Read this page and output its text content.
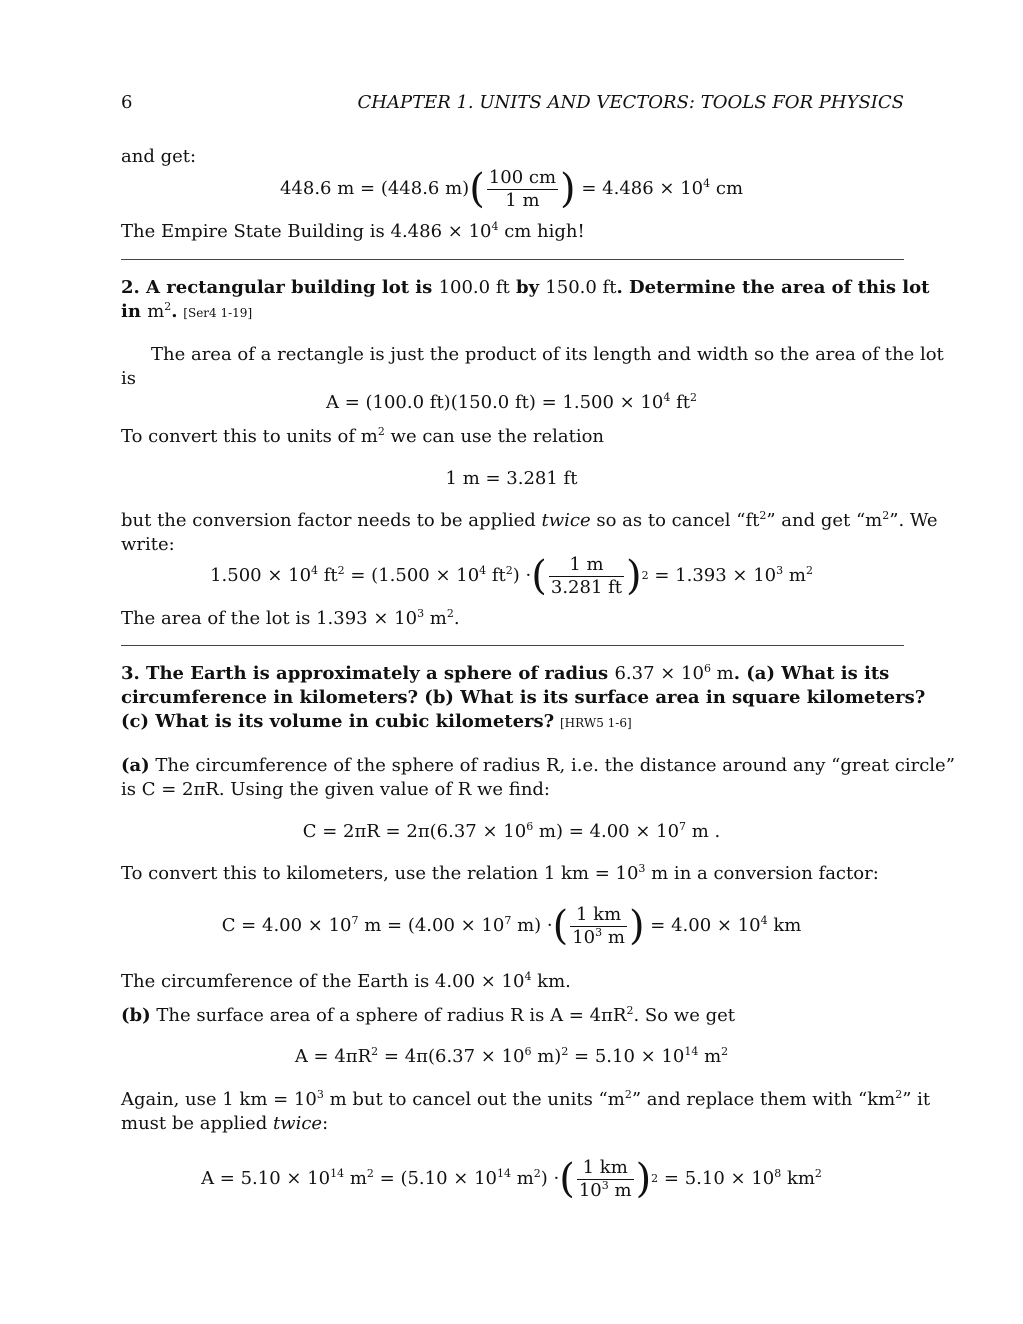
6	CHAPTER 1. UNITS AND VECTORS: TOOLS FOR PHYSICS
and get:
448.6 m = (448.6 m) ( $\frac{100 cm}{1 m}$ ) = $4.486 \times 10^4$ cm
The Empire State Building is $4.486 \times 10^4$ cm high!
2. A rectangular building lot is 100.0 ft by 150.0 ft. Determine the area of this lot
in $m^2$. [Ser4 1-19]
The area of a rectangle is just the product of its length and width so the area of the lot
is
A = (100.0 ft)(150.0 $ft) = 1.500 \times 10^4$ $ft^2$
To convert this to units of $m^2$ we can use the relation
1 m = 3.281 ft
but the conversion factor needs to be applied twice so as to cancel “$ft^2$” and get “$m^2$”. We
write:
$1.500 \times 10^4$ $ft^2 = (1.500 \times 10^4$ $ft^2$) · ( $\frac{1 m}{3.281 ft}$ ) $2 = 1.393 \times 10^3$ $m^2$
The area of the lot is $1.393 \times 10^3$ $m^2$.
3. The Earth is approximately a sphere of radius $6.37 \times 10^6$ m. (a) What is its
circumference in kilometers? (b) What is its surface area in square kilometers?
(c) What is its volume in cubic kilometers? [HRW5 1-6]
(a) The circumference of the sphere of radius R, i.e. the distance around any “great circle”
is C = 2πR. Using the given value of R we find:
$C = 2\pi R = 2\pi(6.37 \times 10^6$ $m) = 4.00 \times 10^7$ m .
To convert this to kilometers, use the relation 1 km = $10^3$ m in a conversion factor:
$C = 4.00 \times 10^7$ $m = (4.00 \times 10^7$ m) · ( $\frac{1 km}{10^3 m}$ ) = $4.00 \times 10^4$ km
The circumference of the Earth is $4.00 \times 10^4$ km.
(b) The surface area of a sphere of radius R is $A = 4\pi R^2$. So we get
$A = 4\pi R^2 = 4\pi(6.37 \times 10^6$ $m)^2 = 5.10 \times 10^{14}$ $m^2$
Again, use 1 km = $10^3$ m but to cancel out the units “$m^2$” and replace them with “$km^2$” it
must be applied twice:
$A = 5.10 \times 10^{14}$ $m^2 = (5.10 \times 10^{14}$ $m^2$) · ( $\frac{1 km}{10^3 m}$ ) $2 = 5.10 \times 10^8$ $km^2$
